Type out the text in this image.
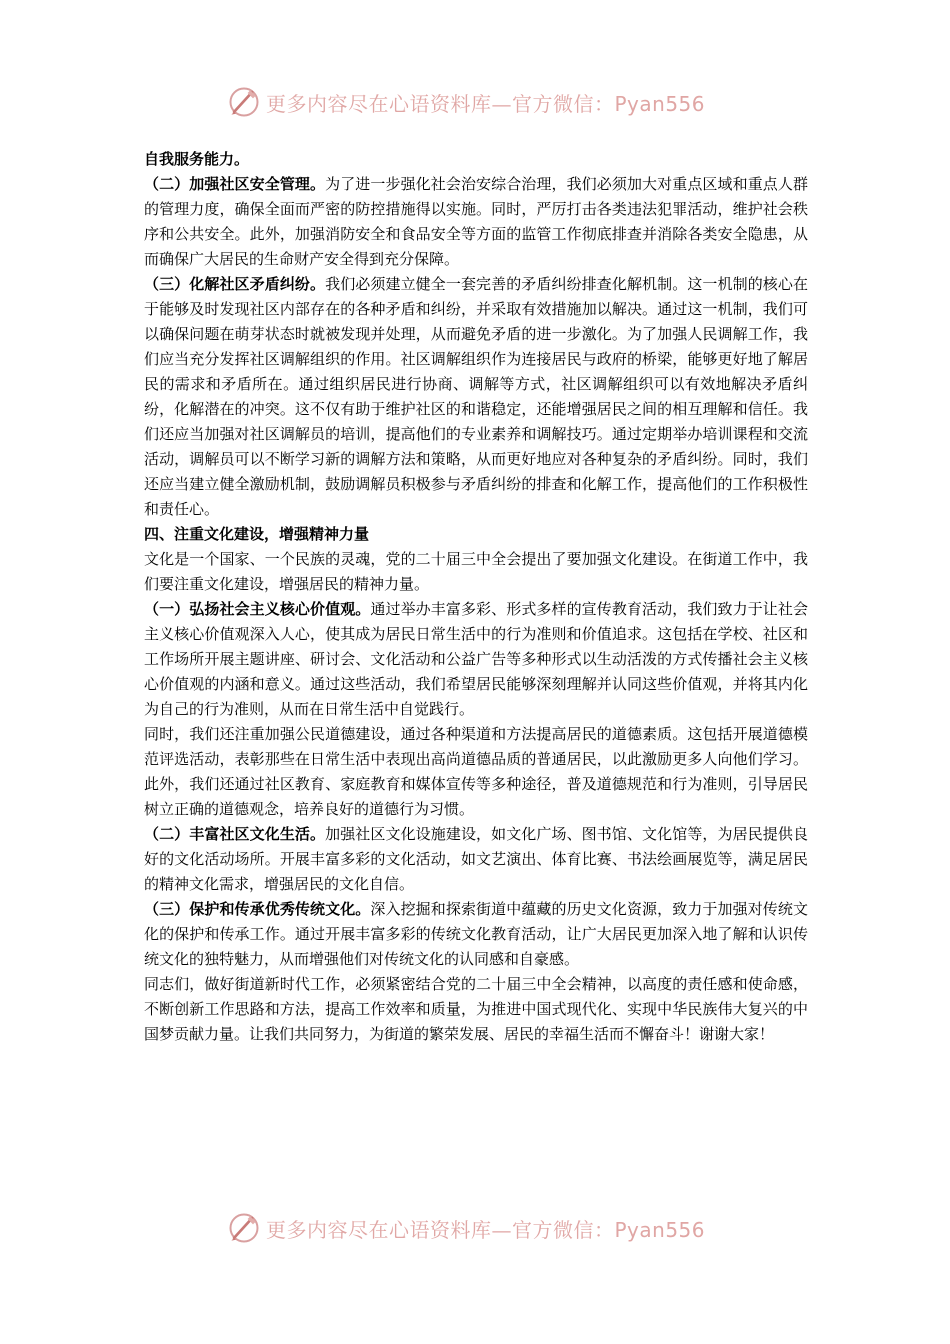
更多内容尽在心语资料库—官方微信：Pyan556

自我服务能力。

（二）加强社区安全管理。为了进一步强化社会治安综合治理，我们必须加大对重点区域和重点人群的管理力度，确保全面而严密的防控措施得以实施。同时，严厉打击各类违法犯罪活动，维护社会秩序和公共安全。此外，加强消防安全和食品安全等方面的监管工作彻底排查并消除各类安全隐患，从而确保广大居民的生命财产安全得到充分保障。

（三）化解社区矛盾纠纷。我们必须建立健全一套完善的矛盾纠纷排查化解机制。这一机制的核心在于能够及时发现社区内部存在的各种矛盾和纠纷，并采取有效措施加以解决。通过这一机制，我们可以确保问题在萌芽状态时就被发现并处理，从而避免矛盾的进一步激化。为了加强人民调解工作，我们应当充分发挥社区调解组织的作用。社区调解组织作为连接居民与政府的桥梁，能够更好地了解居民的需求和矛盾所在。通过组织居民进行协商、调解等方式，社区调解组织可以有效地解决矛盾纠纷，化解潜在的冲突。这不仅有助于维护社区的和谐稳定，还能增强居民之间的相互理解和信任。我们还应当加强对社区调解员的培训，提高他们的专业素养和调解技巧。通过定期举办培训课程和交流活动，调解员可以不断学习新的调解方法和策略，从而更好地应对各种复杂的矛盾纠纷。同时，我们还应当建立健全激励机制，鼓励调解员积极参与矛盾纠纷的排查和化解工作，提高他们的工作积极性和责任心。

四、注重文化建设，增强精神力量

文化是一个国家、一个民族的灵魂，党的二十届三中全会提出了要加强文化建设。在街道工作中，我们要注重文化建设，增强居民的精神力量。

（一）弘扬社会主义核心价值观。通过举办丰富多彩、形式多样的宣传教育活动，我们致力于让社会主义核心价值观深入人心，使其成为居民日常生活中的行为准则和价值追求。这包括在学校、社区和工作场所开展主题讲座、研讨会、文化活动和公益广告等多种形式以生动活泼的方式传播社会主义核心价值观的内涵和意义。通过这些活动，我们希望居民能够深刻理解并认同这些价值观，并将其内化为自己的行为准则，从而在日常生活中自觉践行。

同时，我们还注重加强公民道德建设，通过各种渠道和方法提高居民的道德素质。这包括开展道德模范评选活动，表彰那些在日常生活中表现出高尚道德品质的普通居民，以此激励更多人向他们学习。此外，我们还通过社区教育、家庭教育和媒体宣传等多种途径，普及道德规范和行为准则，引导居民树立正确的道德观念，培养良好的道德行为习惯。

（二）丰富社区文化生活。加强社区文化设施建设，如文化广场、图书馆、文化馆等，为居民提供良好的文化活动场所。开展丰富多彩的文化活动，如文艺演出、体育比赛、书法绘画展览等，满足居民的精神文化需求，增强居民的文化自信。

（三）保护和传承优秀传统文化。深入挖掘和探索街道中蕴藏的历史文化资源，致力于加强对传统文化的保护和传承工作。通过开展丰富多彩的传统文化教育活动，让广大居民更加深入地了解和认识传统文化的独特魅力，从而增强他们对传统文化的认同感和自豪感。

同志们，做好街道新时代工作，必须紧密结合党的二十届三中全会精神，以高度的责任感和使命感，不断创新工作思路和方法，提高工作效率和质量，为推进中国式现代化、实现中华民族伟大复兴的中国梦贡献力量。让我们共同努力，为街道的繁荣发展、居民的幸福生活而不懈奋斗！谢谢大家！

更多内容尽在心语资料库—官方微信：Pyan556
